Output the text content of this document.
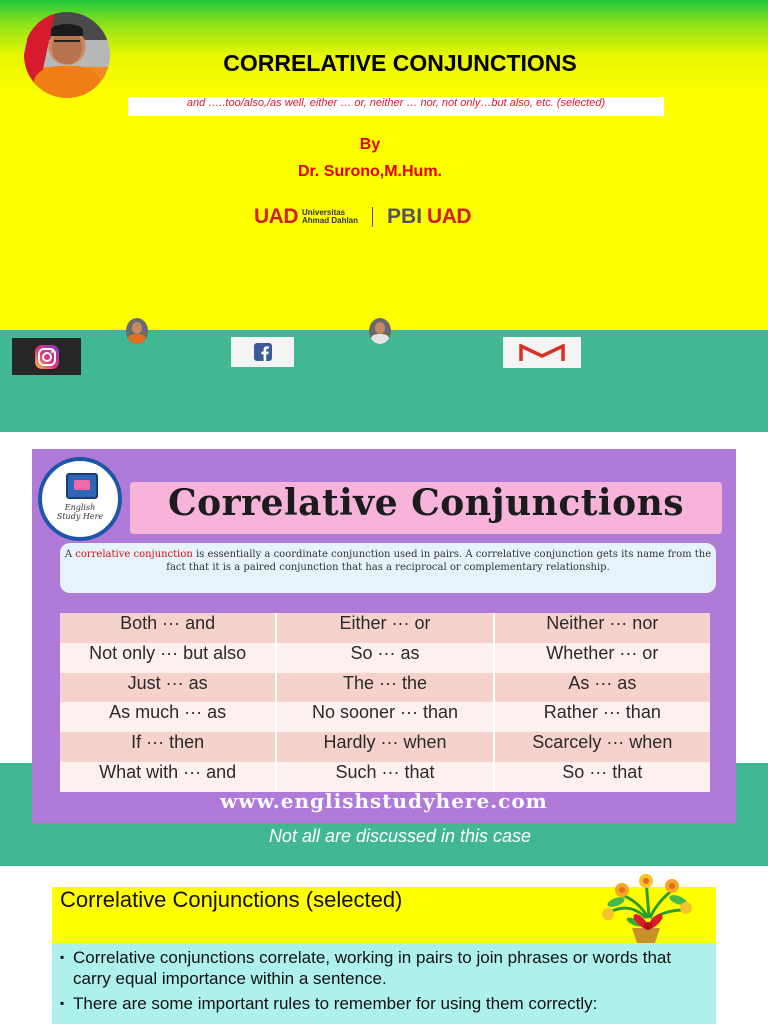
CORRELATIVE CONJUNCTIONS
and …..too/also,/as well, either … or, neither … nor, not only…but also, etc. (selected)
By
Dr. Surono,M.Hum.
UAD Universitas
Ahmad Dahlan PBI UAD
English Study Here	Correlative Conjunctions
A correlative conjunction is essentially a coordinate conjunction used in pairs. A correlative conjunction gets its name from the fact that it is a paired conjunction that has a reciprocal or complementary relationship.
Both ··· and	Either ··· or	Neither ··· nor
Not only ··· but also	So ··· as	Whether ··· or
Just ··· as	The ··· the	As ··· as
As much ··· as	No sooner ··· than	Rather ··· than
If ··· then	Hardly ··· when	Scarcely ··· when
What with ··· and	Such ··· that	So ··· that
www.englishstudyhere.com
Not all are discussed in this case
Correlative Conjunctions (selected)
▪ Correlative conjunctions correlate, working in pairs to join phrases or words that carry equal importance within a sentence.
▪ There are some important rules to remember for using them correctly:
